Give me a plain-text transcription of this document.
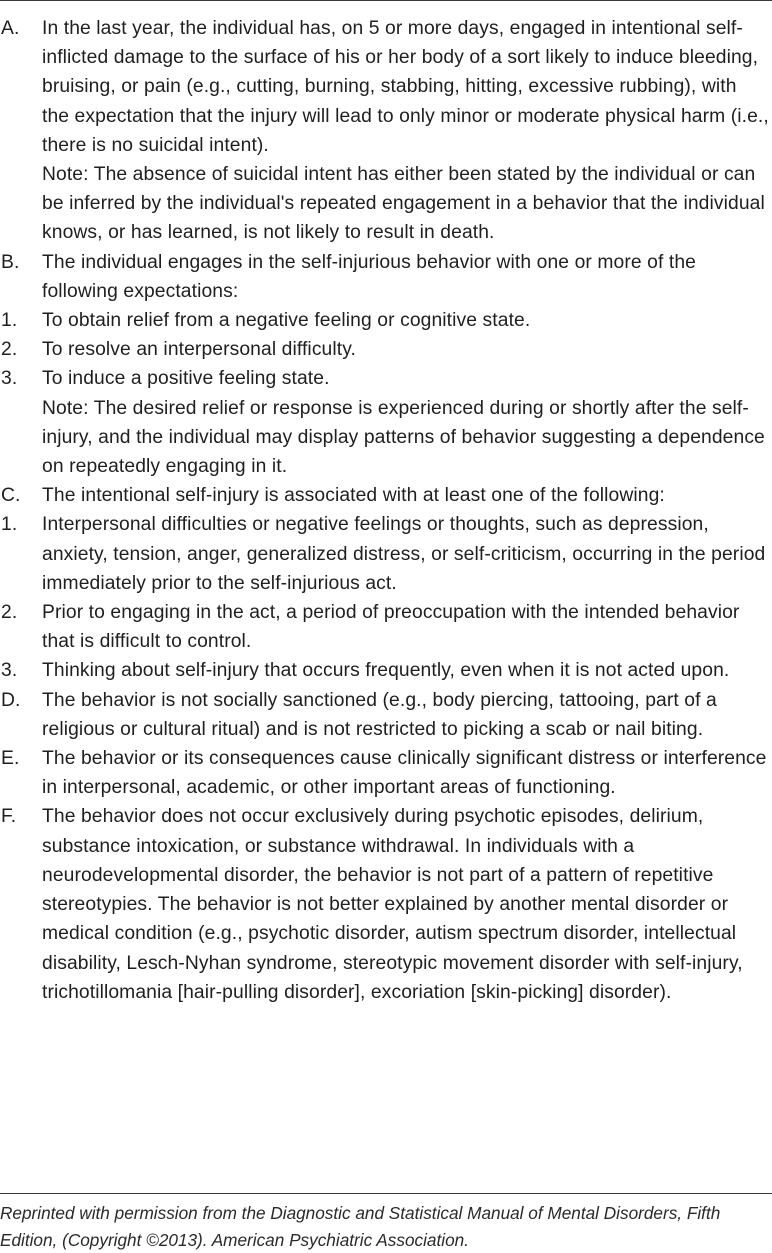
A.	In the last year, the individual has, on 5 or more days, engaged in intentional self-inflicted damage to the surface of his or her body of a sort likely to induce bleeding, bruising, or pain (e.g., cutting, burning, stabbing, hitting, excessive rubbing), with the expectation that the injury will lead to only minor or moderate physical harm (i.e., there is no suicidal intent).
Note: The absence of suicidal intent has either been stated by the individual or can be inferred by the individual's repeated engagement in a behavior that the individual knows, or has learned, is not likely to result in death.
B.	The individual engages in the self-injurious behavior with one or more of the following expectations:
1.	To obtain relief from a negative feeling or cognitive state.
2.	To resolve an interpersonal difficulty.
3.	To induce a positive feeling state.
Note: The desired relief or response is experienced during or shortly after the self-injury, and the individual may display patterns of behavior suggesting a dependence on repeatedly engaging in it.
C.	The intentional self-injury is associated with at least one of the following:
1.	Interpersonal difficulties or negative feelings or thoughts, such as depression, anxiety, tension, anger, generalized distress, or self-criticism, occurring in the period immediately prior to the self-injurious act.
2.	Prior to engaging in the act, a period of preoccupation with the intended behavior that is difficult to control.
3.	Thinking about self-injury that occurs frequently, even when it is not acted upon.
D.	The behavior is not socially sanctioned (e.g., body piercing, tattooing, part of a religious or cultural ritual) and is not restricted to picking a scab or nail biting.
E.	The behavior or its consequences cause clinically significant distress or interference in interpersonal, academic, or other important areas of functioning.
F.	The behavior does not occur exclusively during psychotic episodes, delirium, substance intoxication, or substance withdrawal. In individuals with a neurodevelopmental disorder, the behavior is not part of a pattern of repetitive stereotypies. The behavior is not better explained by another mental disorder or medical condition (e.g., psychotic disorder, autism spectrum disorder, intellectual disability, Lesch-Nyhan syndrome, stereotypic movement disorder with self-injury, trichotillomania [hair-pulling disorder], excoriation [skin-picking] disorder).

Reprinted with permission from the Diagnostic and Statistical Manual of Mental Disorders, Fifth Edition, (Copyright ©2013). American Psychiatric Association.
